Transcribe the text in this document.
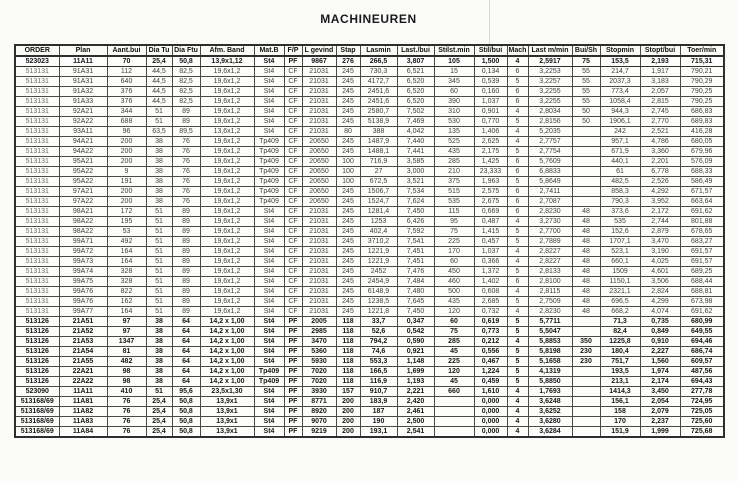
MACHINEUREN
ORDER	Plan	Aant.bui	Dia Tu	Dia Ftu	Afm. Band	Mat.B	F/P	L gevind	Stap	Lasmin	Last./bui	Stilst.min	Stil/bui	Mach	Last m/min	Bui/Sh	Stopmin	Stopt/bui	Toer/min
523023	11A11	70	25,4	50,8	13,9x1,12	St4	PF	9867	276	266,5	3,807	105	1,500	4	2,5917	75	153,5	2,193	715,31
513131	91A31	112	44,5	82,5	19,6x1,2	St4	CF	21031	245	730,3	6,521	15	0,134	6	3,2253	55	214,7	1,917	790,21
513131	91A31	640	44,5	82,5	19,6x1,2	St4	CF	21031	245	4172,7	6,520	345	0,539	5	3,2257	55	2037,3	3,183	790,29
513131	91A32	376	44,5	82,5	19,6x1,2	St4	CF	21031	245	2451,6	6,520	60	0,160	6	3,2255	55	773,4	2,057	790,25
513131	91A33	376	44,5	82,5	19,6x1,2	St4	CF	21031	245	2451,6	6,520	390	1,037	6	3,2255	55	1058,4	2,815	790,25
513131	92A21	344	51	89	19,6x1,2	St4	CF	21031	245	2580,7	7,502	310	0,901	4	2,8034	50	944,3	2,745	686,83
513131	92A22	688	51	89	19,6x1,2	St4	CF	21031	245	5138,9	7,469	530	0,770	5	2,8156	50	1906,1	2,770	689,83
513131	93A11	96	63,5	89,5	13,6x1,2	St4	CF	21031	80	388	4,042	135	1,406	4	5,2035		242	2,521	416,28
513131	94A21	200	38	76	19,6x1,2	Tp409	CF	20650	245	1487,9	7,440	525	2,625	4	2,7757		957,1	4,786	680,05
513131	94A22	200	38	76	19,6x1,2	Tp409	CF	20650	245	1488,1	7,441	435	2,175	5	2,7754		671,9	3,360	679,96
513131	95A21	200	38	76	19,6x1,2	Tp409	CF	20650	100	716,9	3,585	285	1,425	6	5,7609		440,1	2,201	576,09
513131	95A22	9	38	76	19,6x1,2	Tp409	CF	20650	100	27	3,000	210	23,333	6	6,8833		61	6,778	688,33
513131	95A22	191	38	76	19,6x1,2	Tp409	CF	20650	100	672,5	3,521	375	1,963	5	5,8649		482,5	2,526	586,49
513131	97A21	200	38	76	19,6x1,2	Tp409	CF	20650	245	1506,7	7,534	515	2,575	6	2,7411		858,3	4,292	671,57
513131	97A22	200	38	76	19,6x1,2	Tp409	CF	20650	245	1524,7	7,624	535	2,675	6	2,7087		790,3	3,952	663,64
513131	98A21	172	51	89	19,6x1,2	St4	CF	21031	245	1281,4	7,450	115	0,669	6	2,8230	48	373,6	2,172	691,62
513131	98A22	195	51	89	19,6x1,2	St4	CF	21031	245	1253	6,426	95	0,487	4	3,2730	48	535	2,744	801,88
513131	98A22	53	51	89	19,6x1,2	St4	CF	21031	245	402,4	7,592	75	1,415	5	2,7700	48	152,6	2,879	678,65
513131	99A71	492	51	89	19,6x1,2	St4	CF	21031	245	3710,2	7,541	225	0,457	5	2,7889	48	1707,1	3,470	683,27
513131	99A72	164	51	89	19,6x1,2	St4	CF	21031	245	1221,9	7,451	170	1,037	4	2,8227	48	523,1	3,190	691,57
513131	99A73	164	51	89	19,6x1,2	St4	CF	21031	245	1221,9	7,451	60	0,366	4	2,8227	48	660,1	4,025	691,57
513131	99A74	328	51	89	19,6x1,2	St4	CF	21031	245	2452	7,476	450	1,372	5	2,8133	48	1509	4,601	689,25
513131	99A75	328	51	89	19,6x1,2	St4	CF	21031	245	2454,9	7,484	460	1,402	6	2,8100	48	1150,1	3,506	688,44
513131	99A76	822	51	89	19,6x1,2	St4	CF	21031	245	6148,9	7,480	500	0,608	4	2,8115	48	2321,1	2,824	688,81
513131	99A76	162	51	89	19,6x1,2	St4	CF	21031	245	1238,5	7,645	435	2,685	5	2,7509	48	696,5	4,299	673,98
513131	99A77	164	51	89	19,6x1,2	St4	CF	21031	245	1221,8	7,450	120	0,732	4	2,8230	48	668,2	4,074	691,62
513126	21A51	97	38	64	14,2 x 1,00	St4	PF	2005	118	33,7	0,347	60	0,619	5	5,7711		71,3	0,735	680,99
513126	21A52	97	38	64	14,2 x 1,00	St4	PF	2985	118	52,6	0,542	75	0,773	5	5,5047		82,4	0,849	649,55
513126	21A53	1347	38	64	14,2 x 1,00	St4	PF	3470	118	794,2	0,590	285	0,212	4	5,8853	350	1225,8	0,910	694,46
513126	21A54	81	38	64	14,2 x 1,00	St4	PF	5360	118	74,6	0,921	45	0,556	5	5,8198	230	180,4	2,227	686,74
513126	21A55	482	38	64	14,2 x 1,00	St4	PF	5930	118	553,3	1,148	225	0,467	5	5,1658	230	751,7	1,560	609,57
513126	22A21	98	38	64	14,2 x 1,00	Tp409	PF	7020	118	166,5	1,699	120	1,224	5	4,1319		193,5	1,974	487,56
513126	22A22	98	38	64	14,2 x 1,00	Tp409	PF	7020	118	116,9	1,193	45	0,459	5	5,8850		213,1	2,174	694,43
523090	11A11	410	51	95,6	23,5x1,30	St4	PF	3930	157	910,7	2,221	660	1,610	4	1,7693		1414,3	3,450	277,78
513168/69	11A81	76	25,4	50,8	13,9x1	St4	PF	8771	200	183,9	2,420		0,000	4	3,6248		156,1	2,054	724,95
513168/69	11A82	76	25,4	50,8	13,9x1	St4	PF	8920	200	187	2,461		0,000	4	3,6252		158	2,079	725,05
513168/69	11A83	76	25,4	50,8	13,9x1	St4	PF	9070	200	190	2,500		0,000	4	3,6280		170	2,237	725,60
513168/69	11A84	76	25,4	50,8	13,9x1	St4	PF	9219	200	193,1	2,541		0,000	4	3,6284		151,9	1,999	725,68
